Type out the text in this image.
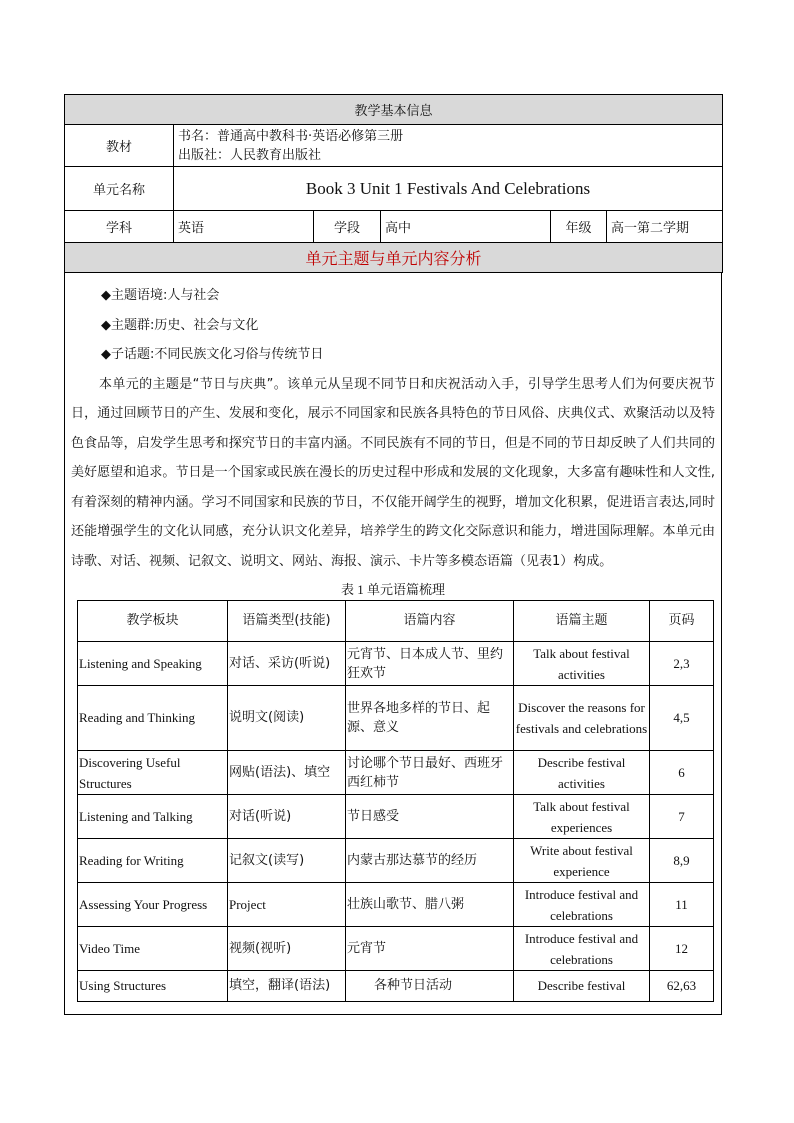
教学基本信息					
教材	书名：普通高中教科书·英语必修第三册
出版社：人民教育出版社				

单元名称	Book 3 Unit 1 Festivals And Celebrations				
学科	英语	学段	高中	年级	高一第二学期
单元主题与单元内容分析					
◆主题语境:人与社会
◆主题群:历史、社会与文化
◆子话题:不同民族文化习俗与传统节日
本单元的主题是“节日与庆典”。该单元从呈现不同节日和庆祝活动入手，引导学生思考人们为何要庆祝节日，通过回顾节日的产生、发展和变化，展示不同国家和民族各具特色的节日风俗、庆典仪式、欢聚活动以及特色食品等，启发学生思考和探究节日的丰富内涵。不同民族有不同的节日，但是不同的节日却反映了人们共同的美好愿望和追求。节日是一个国家或民族在漫长的历史过程中形成和发展的文化现象，大多富有趣味性和人文性,有着深刻的精神内涵。学习不同国家和民族的节日，不仅能开阔学生的视野，增加文化积累，促进语言表达,同时还能增强学生的文化认同感，充分认识文化差异，培养学生的跨文化交际意识和能力，增进国际理解。本单元由诗歌、对话、视频、记叙文、说明文、网站、海报、演示、卡片等多模态语篇（见表1）构成。
表 1 单元语篇梳理
教学板块	语篇类型(技能)	语篇内容	语篇主题	页码
Listening and Speaking	对话、采访(听说)	元宵节、日本成人节、里约狂欢节	Talk about festival activities	2,3
Reading and Thinking	说明文(阅读)	世界各地多样的节日、起源、意义	Discover the reasons for festivals and celebrations	4,5
Discovering Useful Structures	网贴(语法)、填空	讨论哪个节日最好、西班牙西红柿节	Describe festival activities	6
Listening and Talking	对话(听说)	节日感受	Talk about festival experiences	7
Reading for Writing	记叙文(读写)	内蒙古那达慕节的经历	Write about festival experience	8,9
Assessing Your Progress	Project	壮族山歌节、腊八粥	Introduce festival and celebrations	11
Video Time	视频(视听)	元宵节	Introduce festival and celebrations	12
Using Structures	填空，翻译(语法)	各种节日活动	Describe festival	62,63
